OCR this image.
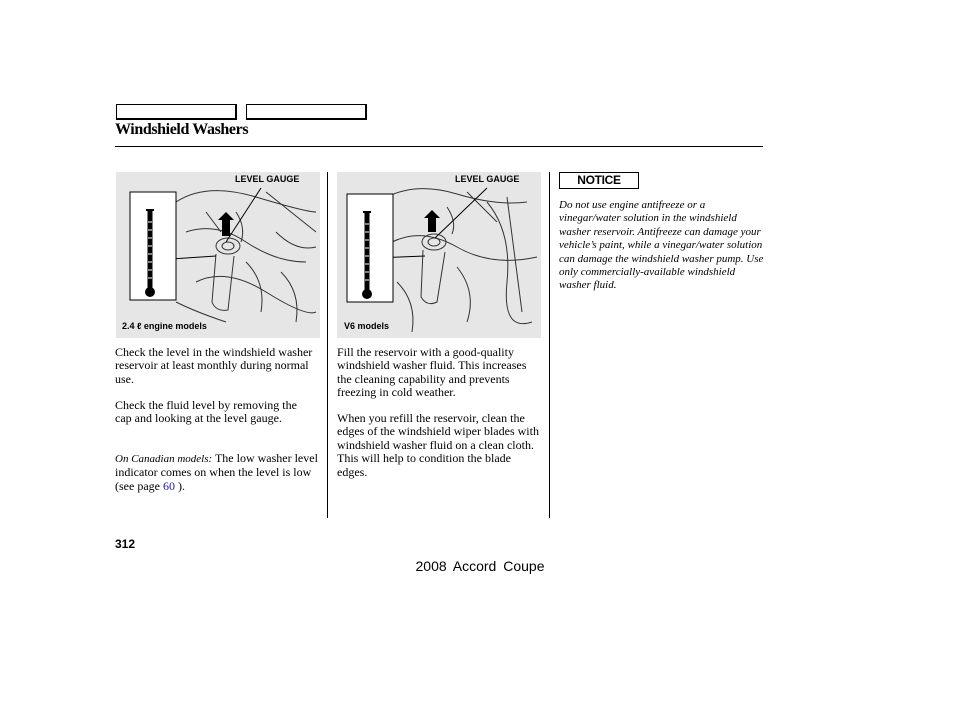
Windshield Washers
LEVEL GAUGE
2.4 ℓ engine models
LEVEL GAUGE
V6 models

Check the level in the windshield washer reservoir at least monthly during normal use.

Check the fluid level by removing the cap and looking at the level gauge.

On Canadian models: The low washer level indicator comes on when the level is low (see page 60 ).

Fill the reservoir with a good-quality windshield washer fluid. This increases the cleaning capability and prevents freezing in cold weather.

When you refill the reservoir, clean the edges of the windshield wiper blades with windshield washer fluid on a clean cloth. This will help to condition the blade edges.

NOTICE

Do not use engine antifreeze or a vinegar/water solution in the windshield washer reservoir. Antifreeze can damage your vehicle’s paint, while a vinegar/water solution can damage the windshield washer pump. Use only commercially-available windshield washer fluid.

312
2008 Accord Coupe
